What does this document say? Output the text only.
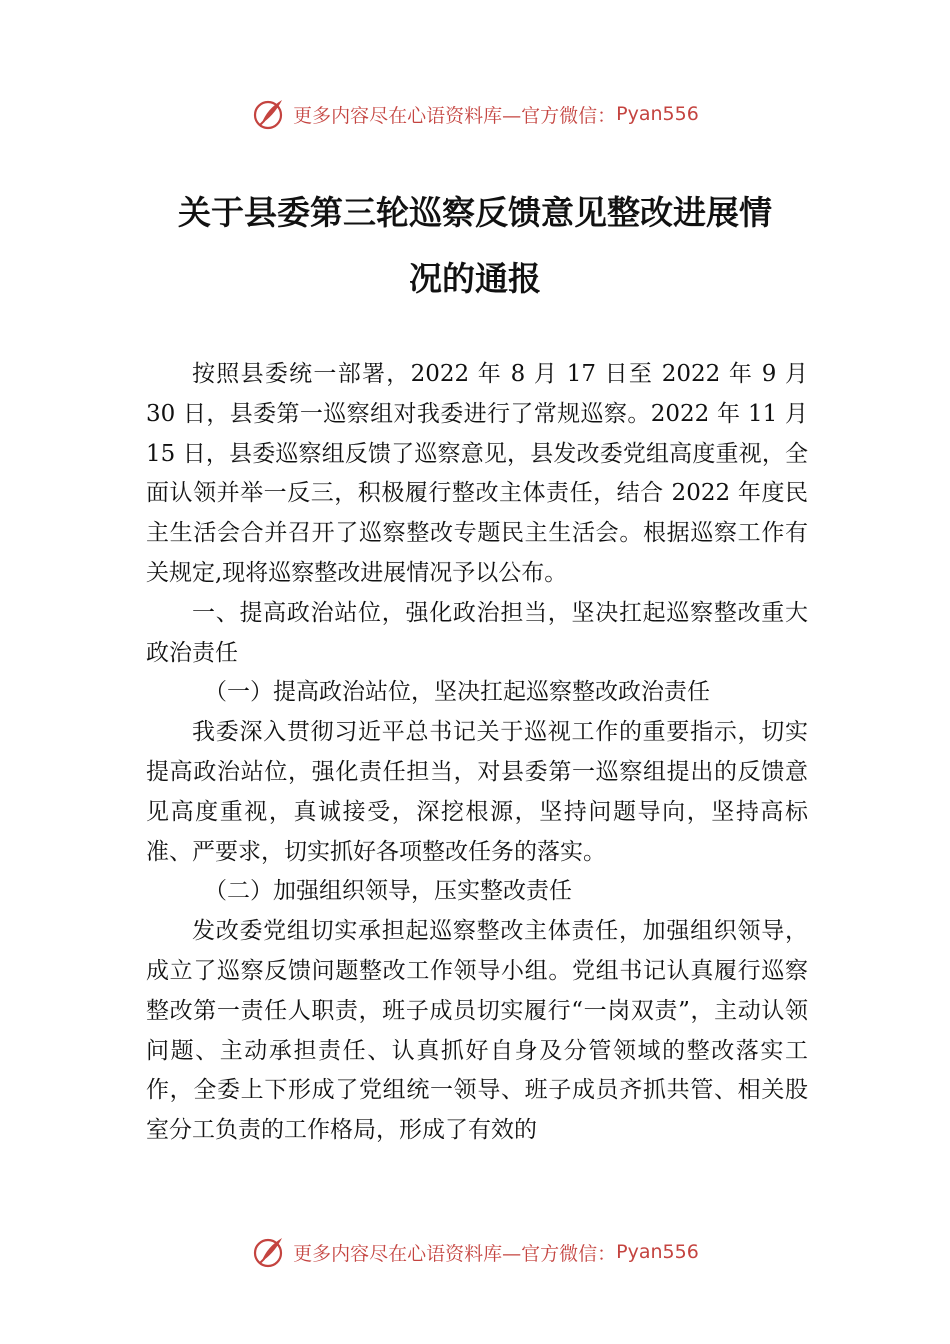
更多内容尽在心语资料库—官方微信： Pyan556
关于县委第三轮巡察反馈意见整改进展情
况的通报

按照县委统一部署，2022 年 8 月 17 日至 2022 年 9 月 30 日，县委第一巡察组对我委进行了常规巡察。2022 年 11 月 15 日，县委巡察组反馈了巡察意见，县发改委党组高度重视，全面认领并举一反三，积极履行整改主体责任，结合 2022 年度民主生活会合并召开了巡察整改专题民主生活会。根据巡察工作有关规定,现将巡察整改进展情况予以公布。

一、提高政治站位，强化政治担当，坚决扛起巡察整改重大政治责任

（一）提高政治站位，坚决扛起巡察整改政治责任

我委深入贯彻习近平总书记关于巡视工作的重要指示，切实提高政治站位，强化责任担当，对县委第一巡察组提出的反馈意见高度重视，真诚接受，深挖根源，坚持问题导向，坚持高标准、严要求，切实抓好各项整改任务的落实。

（二）加强组织领导，压实整改责任

发改委党组切实承担起巡察整改主体责任，加强组织领导，成立了巡察反馈问题整改工作领导小组。党组书记认真履行巡察整改第一责任人职责，班子成员切实履行“一岗双责”，主动认领问题、主动承担责任、认真抓好自身及分管领域的整改落实工作，全委上下形成了党组统一领导、班子成员齐抓共管、相关股室分工负责的工作格局，形成了有效的

更多内容尽在心语资料库—官方微信： Pyan556
